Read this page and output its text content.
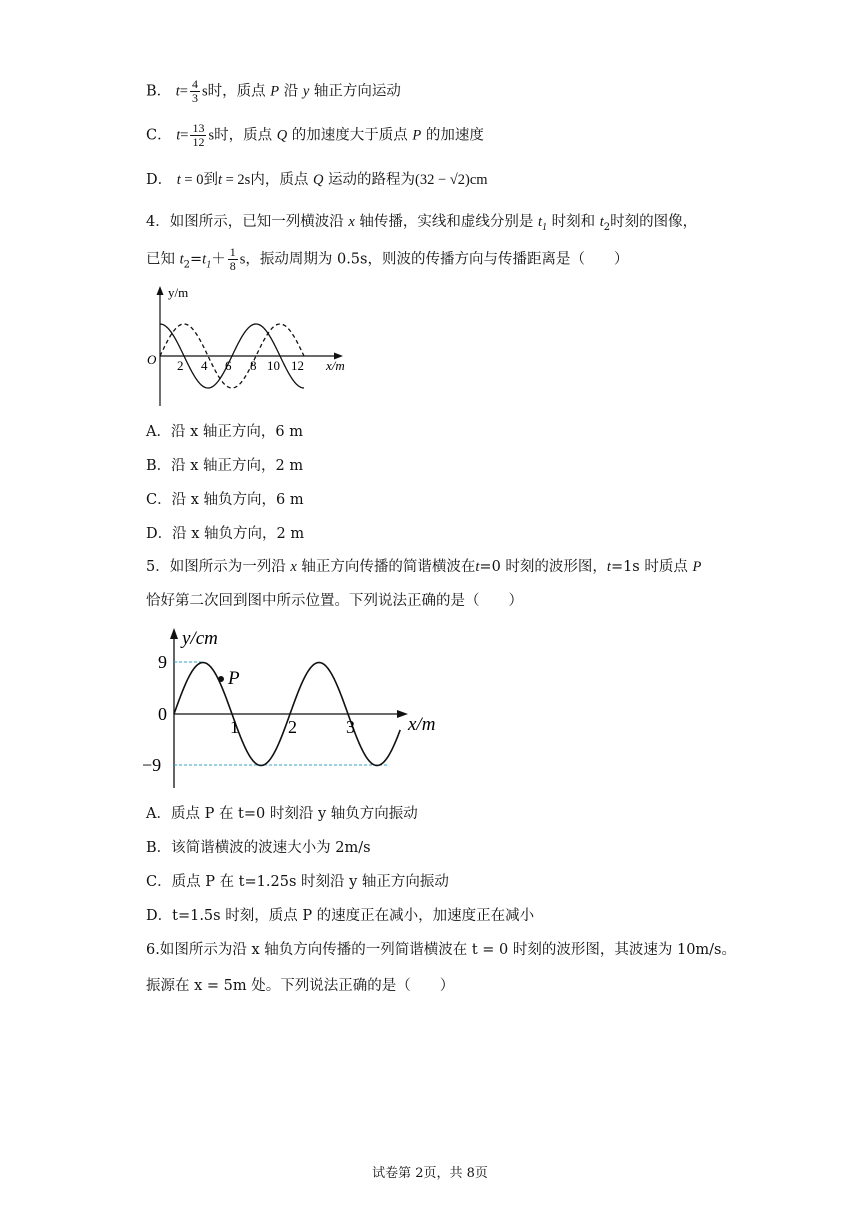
B． $t= \frac{4}{3}$ s时，质点 P 沿 y 轴正方向运动
C． $t= \frac{13}{12}$ s时，质点 Q 的加速度大于质点 P 的加速度
D． t = 0到t = 2s内，质点 Q 运动的路程为(32 − √2)cm
4．如图所示，已知一列横波沿 x 轴传播，实线和虚线分别是 $t_1$ 时刻和 $t_2$时刻的图像，
已知 $t_2=t_1+ \frac{1}{8}$ s，振动周期为 0.5s，则波的传播方向与传播距离是（　　）
y/m
x/m
O 2 4 6 8 10 12
A．沿 x 轴正方向，6 m
B．沿 x 轴正方向，2 m
C．沿 x 轴负方向，6 m
D．沿 x 轴负方向，2 m
5．如图所示为一列沿 x 轴正方向传播的简谐横波在t=0 时刻的波形图，t=1s 时质点 P
恰好第二次回到图中所示位置。下列说法正确的是（　　）
y/cm
x/m
9
0
−9
P
1	2	3
A．质点 P 在 t=0 时刻沿 y 轴负方向振动
B．该简谐横波的波速大小为 2m/s
C．质点 P 在 t=1.25s 时刻沿 y 轴正方向振动
D．t=1.5s 时刻，质点 P 的速度正在减小，加速度正在减小
6.如图所示为沿 x 轴负方向传播的一列简谐横波在 t = 0 时刻的波形图，其波速为 10m/s。
振源在 x = 5m 处。下列说法正确的是（　　）
试卷第 2页，共 8页
